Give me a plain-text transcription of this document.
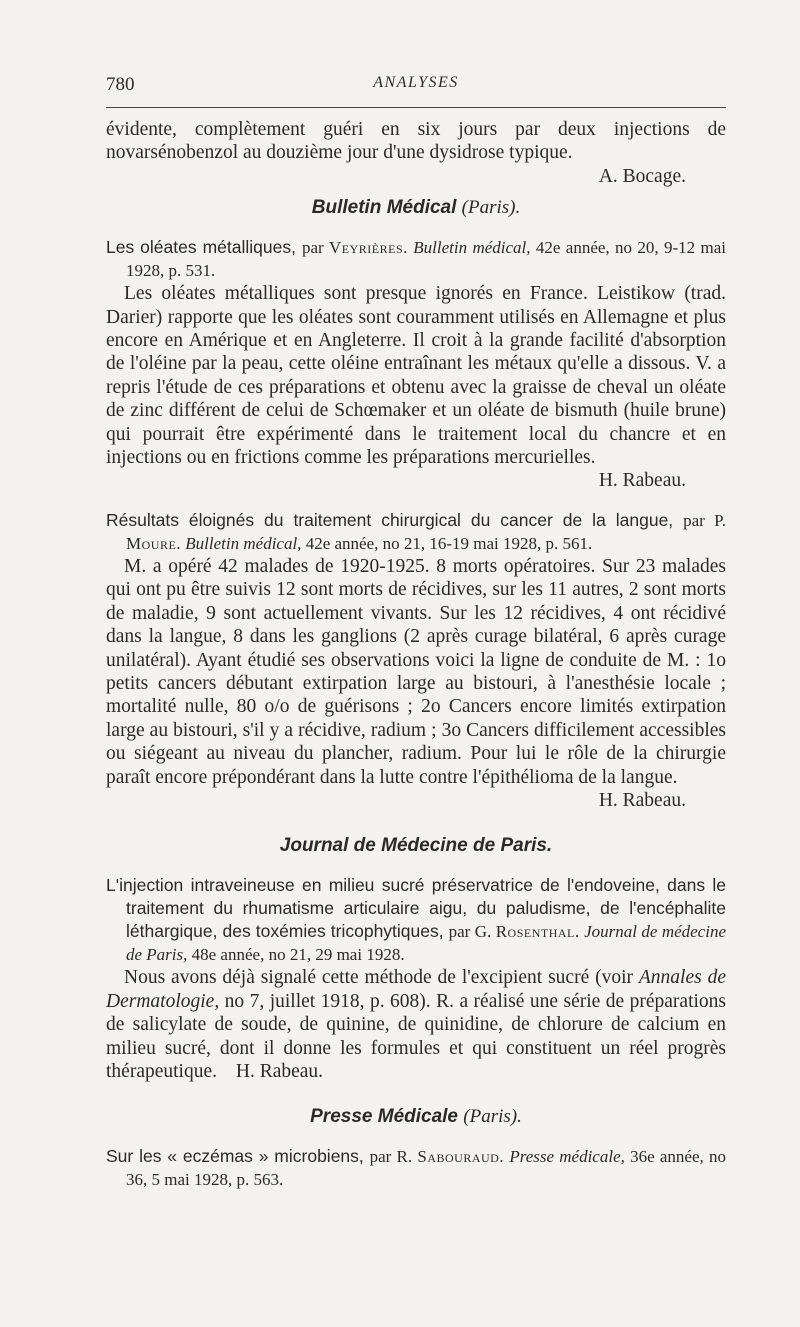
780	ANALYSES

évidente, complètement guéri en six jours par deux injections de novarsénobenzol au douzième jour d'une dysidrose typique.

A. Bocage.
Bulletin Médical (Paris).
Les oléates métalliques, par Veyrières. Bulletin médical, 42e année, no 20, 9-12 mai 1928, p. 531.

Les oléates métalliques sont presque ignorés en France. Leistikow (trad. Darier) rapporte que les oléates sont couramment utilisés en Allemagne et plus encore en Amérique et en Angleterre. Il croit à la grande facilité d'absorption de l'oléine par la peau, cette oléine entraînant les métaux qu'elle a dissous. V. a repris l'étude de ces préparations et obtenu avec la graisse de cheval un oléate de zinc différent de celui de Schœmaker et un oléate de bismuth (huile brune) qui pourrait être expérimenté dans le traitement local du chancre et en injections ou en frictions comme les préparations mercurielles.

H. Rabeau.
Résultats éloignés du traitement chirurgical du cancer de la langue, par P. Moure. Bulletin médical, 42e année, no 21, 16-19 mai 1928, p. 561.

M. a opéré 42 malades de 1920-1925. 8 morts opératoires. Sur 23 malades qui ont pu être suivis 12 sont morts de récidives, sur les 11 autres, 2 sont morts de maladie, 9 sont actuellement vivants. Sur les 12 récidives, 4 ont récidivé dans la langue, 8 dans les ganglions (2 après curage bilatéral, 6 après curage unilatéral). Ayant étudié ses observations voici la ligne de conduite de M. : 1o petits cancers débutant extirpation large au bistouri, à l'anesthésie locale ; mortalité nulle, 80 o/o de guérisons ; 2o Cancers encore limités extirpation large au bistouri, s'il y a récidive, radium ; 3o Cancers difficilement accessibles ou siégeant au niveau du plancher, radium. Pour lui le rôle de la chirurgie paraît encore prépondérant dans la lutte contre l'épithélioma de la langue.

H. Rabeau.
Journal de Médecine de Paris.
L'injection intraveineuse en milieu sucré préservatrice de l'endoveine, dans le traitement du rhumatisme articulaire aigu, du paludisme, de l'encéphalite léthargique, des toxémies tricophytiques, par G. Rosenthal. Journal de médecine de Paris, 48e année, no 21, 29 mai 1928.

Nous avons déjà signalé cette méthode de l'excipient sucré (voir Annales de Dermatologie, no 7, juillet 1918, p. 608). R. a réalisé une série de préparations de salicylate de soude, de quinine, de quinidine, de chlorure de calcium en milieu sucré, dont il donne les formules et qui constituent un réel progrès thérapeutique. H. Rabeau.

Presse Médicale (Paris).
Sur les « eczémas » microbiens, par R. Sabouraud. Presse médicale, 36e année, no 36, 5 mai 1928, p. 563.
